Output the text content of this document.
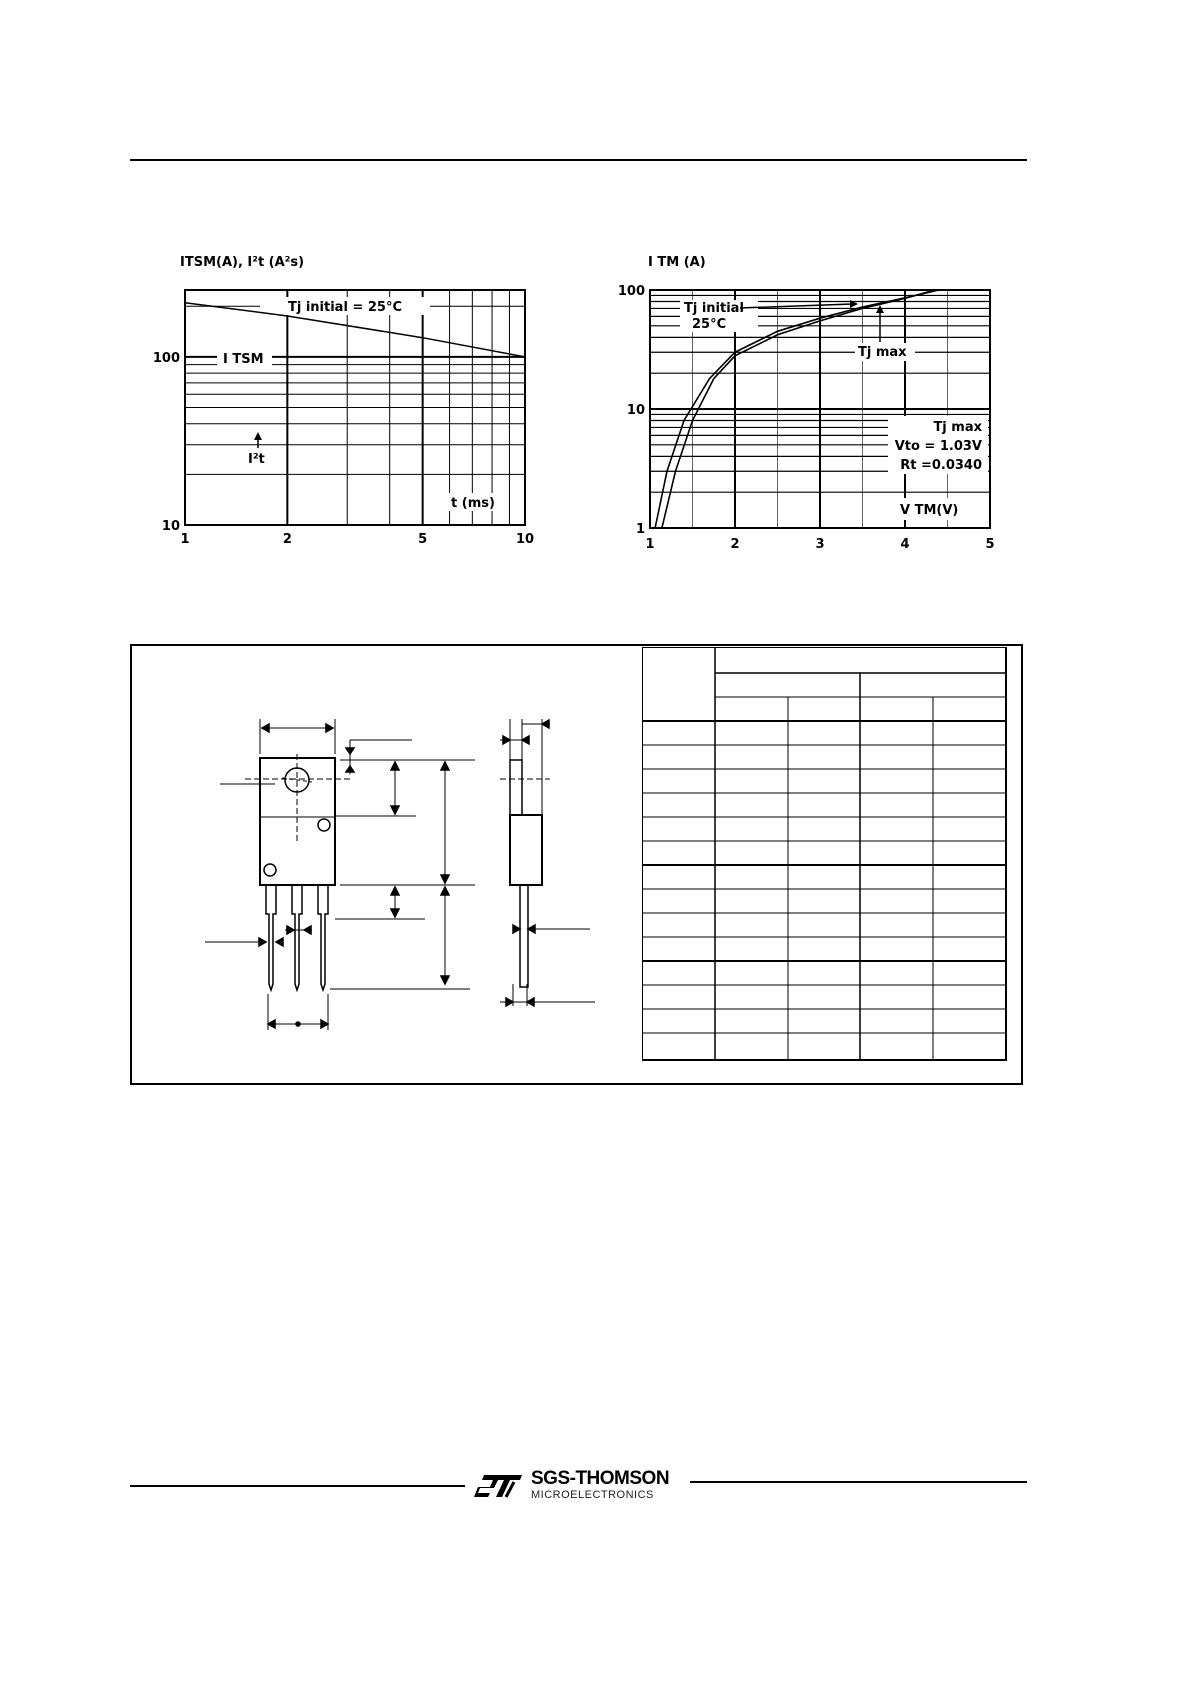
1	2	5	10
10
100
ITSM(A), I²t (A²s)
t (ms)
Tj initial = 25°C
I TSM
I²t
1	2	3	4	5
1
10
100
I TM (A)
V TM(V)
Tj initial
25°C
Tj max
Tj max
Vto = 1.03V
Rt =0.0340
SGS-THOMSON
MICROELECTRONICS
